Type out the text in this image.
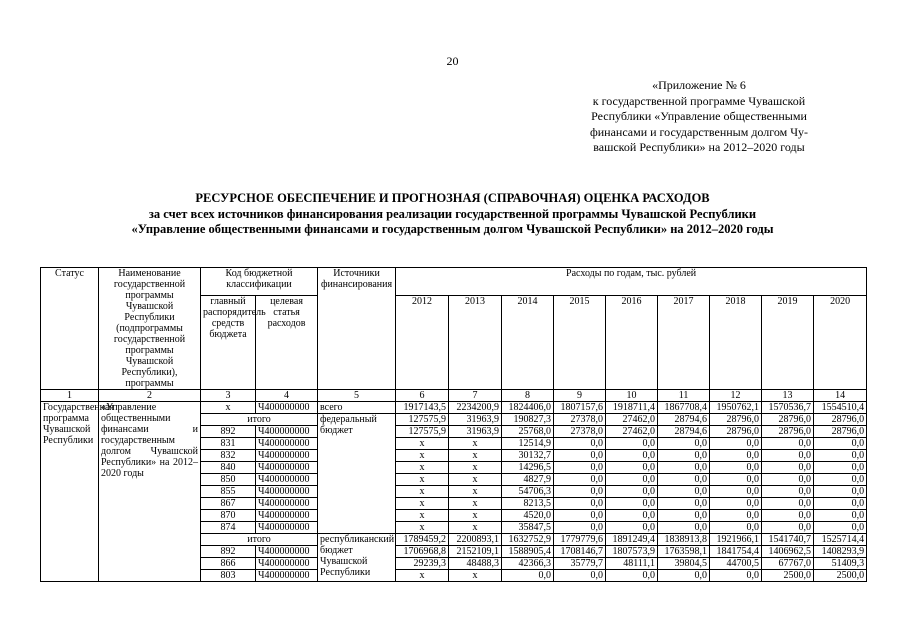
20
«Приложение № 6
к государственной программе Чувашской
Республики «Управление общественными
финансами и государственным долгом Чу-
вашской Республики» на 2012–2020 годы
РЕСУРСНОЕ ОБЕСПЕЧЕНИЕ И ПРОГНОЗНАЯ (СПРАВОЧНАЯ) ОЦЕНКА РАСХОДОВ
за счет всех источников финансирования реализации государственной программы Чувашской Республики
«Управление общественными финансами и государственным долгом Чувашской Республики» на 2012–2020 годы
Статус	Наименование государственной программы Чувашской Республики (подпрограммы государственной программы Чувашской Республики), программы	Код бюджетной классификации		Источники финансирования	Расходы по годам, тыс. рублей								
		главный распорядитель средств бюджета	целевая статья расходов		2012	2013	2014	2015	2016	2017	2018	2019	2020
1	2	3	4	5	6	7	8	9	10	11	12	13	14
Государственная программа Чувашской Республики	«Управление общественными финансами и государственным долгом Чувашской Республики» на 2012–2020 годы	x	Ч400000000	всего	1917143,5	2234200,9	1824406,0	1807157,6	1918711,4	1867708,4	1950762,1	1570536,7	1554510,4
		итого		федеральный бюджет	127575,9	31963,9	190827,3	27378,0	27462,0	28794,6	28796,0	28796,0	28796,0
		892	Ч400000000		127575,9	31963,9	25768,0	27378,0	27462,0	28794,6	28796,0	28796,0	28796,0
		831	Ч400000000		x	x	12514,9	0,0	0,0	0,0	0,0	0,0	0,0
		832	Ч400000000		x	x	30132,7	0,0	0,0	0,0	0,0	0,0	0,0
		840	Ч400000000		x	x	14296,5	0,0	0,0	0,0	0,0	0,0	0,0
		850	Ч400000000		x	x	4827,9	0,0	0,0	0,0	0,0	0,0	0,0
		855	Ч400000000		x	x	54706,3	0,0	0,0	0,0	0,0	0,0	0,0
		867	Ч400000000		x	x	8213,5	0,0	0,0	0,0	0,0	0,0	0,0
		870	Ч400000000		x	x	4520,0	0,0	0,0	0,0	0,0	0,0	0,0
		874	Ч400000000		x	x	35847,5	0,0	0,0	0,0	0,0	0,0	0,0
		итого		республиканский бюджет Чувашской Республики	1789459,2	2200893,1	1632752,9	1779779,6	1891249,4	1838913,8	1921966,1	1541740,7	1525714,4
		892	Ч400000000		1706968,8	2152109,1	1588905,4	1708146,7	1807573,9	1763598,1	1841754,4	1406962,5	1408293,9
		866	Ч400000000		29239,3	48488,3	42366,3	35779,7	48111,1	39804,5	44700,5	67767,0	51409,3
		803	Ч400000000		x	x	0,0	0,0	0,0	0,0	0,0	2500,0	2500,0
